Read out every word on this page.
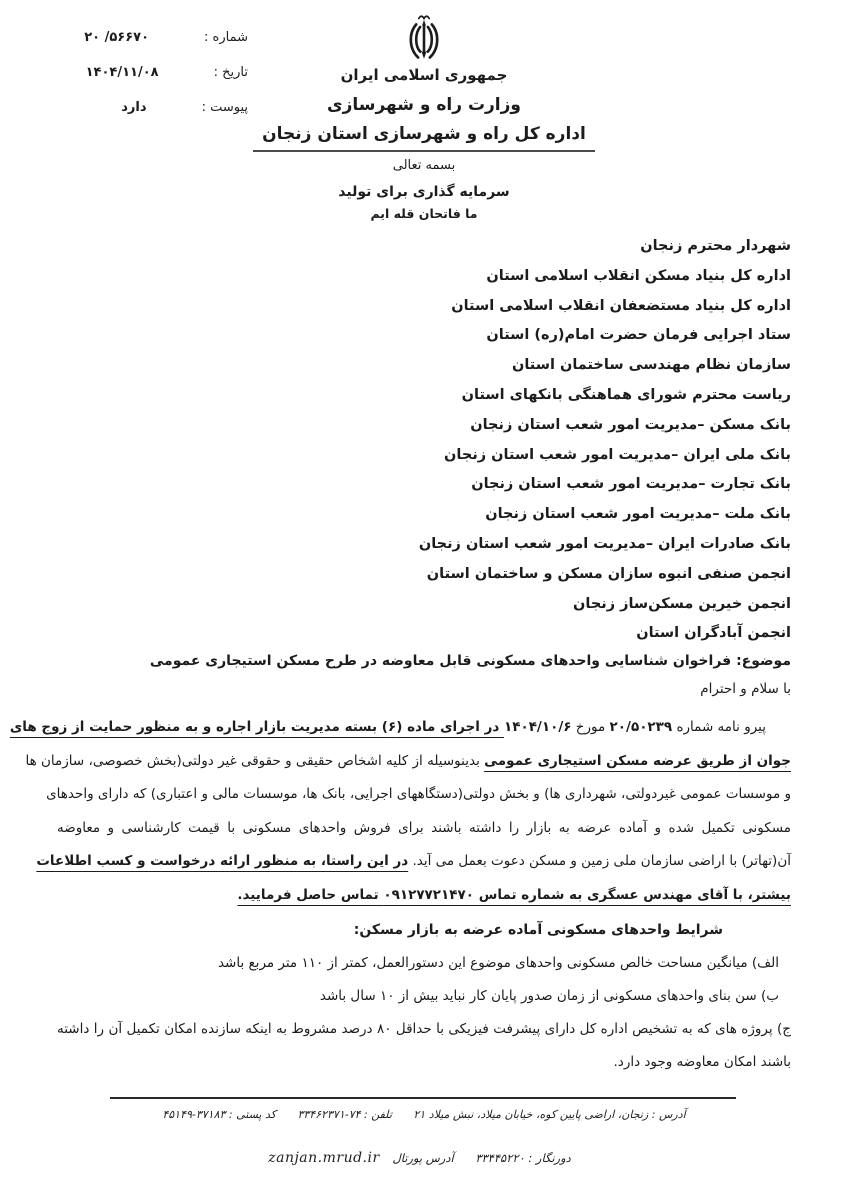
شماره :
۲۰ /۵۶۶۷۰
تاریخ :
۱۴۰۴/۱۱/۰۸
پیوست :
دارد
جمهوری اسلامی ایران
وزارت راه و شهرسازی
اداره کل راه و شهرسازی استان زنجان
بسمه تعالی
سرمایه گذاری برای تولید
ما فاتحان قله ایم
شهردار محترم زنجان
اداره کل بنیاد مسکن انقلاب اسلامی استان
اداره کل بنیاد مستضعفان انقلاب اسلامی استان
ستاد اجرایی فرمان حضرت امام(ره) استان
سازمان نظام مهندسی ساختمان استان
ریاست محترم شورای هماهنگی بانکهای استان
بانک مسکن –مدیریت امور شعب استان زنجان
بانک ملی ایران –مدیریت امور شعب استان زنجان
بانک تجارت –مدیریت امور شعب استان زنجان
بانک ملت –مدیریت امور شعب استان زنجان
بانک صادرات ایران –مدیریت امور شعب استان زنجان
انجمن صنفی انبوه سازان مسکن و ساختمان استان
انجمن خیرین مسکن‌ساز زنجان
انجمن آبادگران استان
موضوع: فراخوان شناسایی واحدهای مسکونی قابل معاوضه در طرح مسکن استیجاری عمومی
با سلام و احترام
پیرو نامه شماره ۲۰/۵۰۲۳۹ مورخ ۱۴۰۴/۱۰/۶ در اجرای ماده (۶) بسته مدیریت بازار اجاره و به منظور حمایت از زوج های
جوان از طریق عرضه مسکن استیجاری عمومی بدینوسیله از کلیه اشخاص حقیقی و حقوقی غیر دولتی(بخش خصوصی، سازمان ها
و موسسات عمومی غیردولتی، شهرداری ها) و بخش دولتی(دستگاههای اجرایی، بانک ها، موسسات مالی و اعتباری) که دارای واحدهای
مسکونی تکمیل شده و آماده عرضه به بازار را داشته باشند برای فروش واحدهای مسکونی با قیمت کارشناسی و معاوضه
آن(تهاتر) با اراضی سازمان ملی زمین و مسکن دعوت بعمل می آید. در این راستا، به منظور ارائه درخواست و کسب اطلاعات
بیشتر، با آقای مهندس عسگری به شماره تماس ۰۹۱۲۷۷۲۱۴۷۰ تماس حاصل فرمایید.
شرایط واحدهای مسکونی آماده عرضه به بازار مسکن:
الف) میانگین مساحت خالص مسکونی واحدهای موضوع این دستورالعمل، کمتر از ۱۱۰ متر مربع باشد
ب) سن بنای واحدهای مسکونی از زمان صدور پایان کار نباید بیش از ۱۰ سال باشد
ج) پروژه های که به تشخیص اداره کل دارای پیشرفت فیزیکی با حداقل ۸۰ درصد مشروط به اینکه سازنده امکان تکمیل آن را داشته
باشند امکان معاوضه وجود دارد.
آدرس : زنجان، اراضی پایین کوه، خیابان میلاد، نبش میلاد ۲۱ تلفن : ۳۳۴۶۲۳۷۱-۷۴ کد پستی : ۴۵۱۴۹-۳۷۱۸۳
دورنگار : ۳۳۴۴۵۲۲۰ آدرس پورتال zanjan.mrud.ir
